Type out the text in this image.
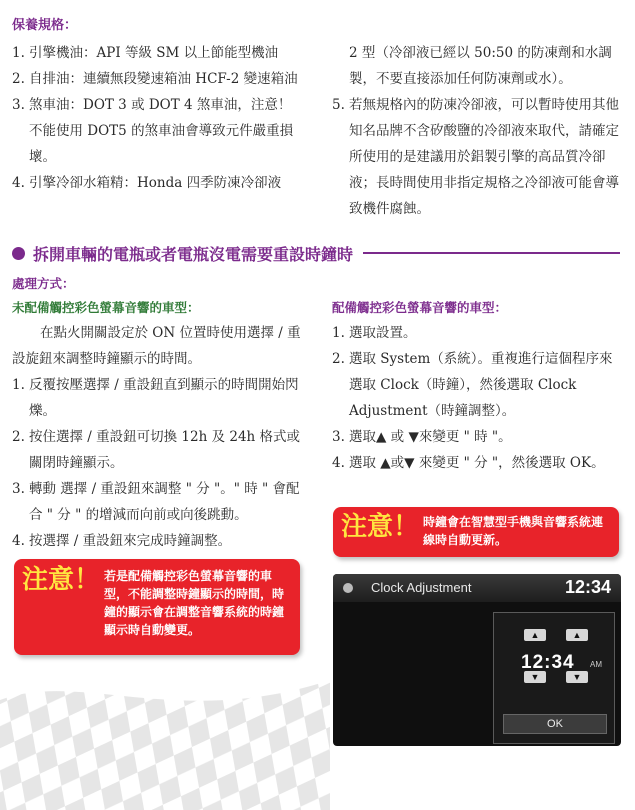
保養規格：
1. 引擎機油：API 等級 SM 以上節能型機油
2. 自排油：連續無段變速箱油 HCF-2 變速箱油
3. 煞車油：DOT 3 或 DOT 4 煞車油，注意！不能使用 DOT5 的煞車油會導致元件嚴重損壞。
4. 引擎冷卻水箱精：Honda 四季防凍冷卻液
2 型（冷卻液已經以 50:50 的防凍劑和水調製，不要直接添加任何防凍劑或水）。
5. 若無規格內的防凍冷卻液，可以暫時使用其他知名品牌不含矽酸鹽的冷卻液來取代，請確定所使用的是建議用於鋁製引擎的高品質冷卻液；長時間使用非指定規格之冷卻液可能會導致機件腐蝕。
拆開車輛的電瓶或者電瓶沒電需要重設時鐘時
處理方式：
未配備觸控彩色螢幕音響的車型：	配備觸控彩色螢幕音響的車型：
在點火開關設定於 ON 位置時使用選擇 / 重設旋鈕來調整時鐘顯示的時間。
1. 反覆按壓選擇 / 重設鈕直到顯示的時間開始閃爍。
2. 按住選擇 / 重設鈕可切換 12h 及 24h 格式或關閉時鐘顯示。
3. 轉動 選擇 / 重設鈕來調整 " 分 "。" 時 " 會配合 " 分 " 的增減而向前或向後跳動。
4. 按選擇 / 重設鈕來完成時鐘調整。
1. 選取設置。
2. 選取 System（系統）。重複進行這個程序來選取 Clock（時鐘），然後選取 Clock Adjustment（時鐘調整）。
3. 選取▲ 或 ▼來變更 " 時 "。
4. 選取 ▲或▼ 來變更 " 分 "，然後選取 OK。
注意！ 若是配備觸控彩色螢幕音響的車型，不能調整時鐘顯示的時間，時鐘的顯示會在調整音響系統的時鐘顯示時自動變更。
注意！ 時鐘會在智慧型手機與音響系統連線時自動更新。
Clock Adjustment	12:34
▲	▲
▼	▼
12:34 AM
OK
